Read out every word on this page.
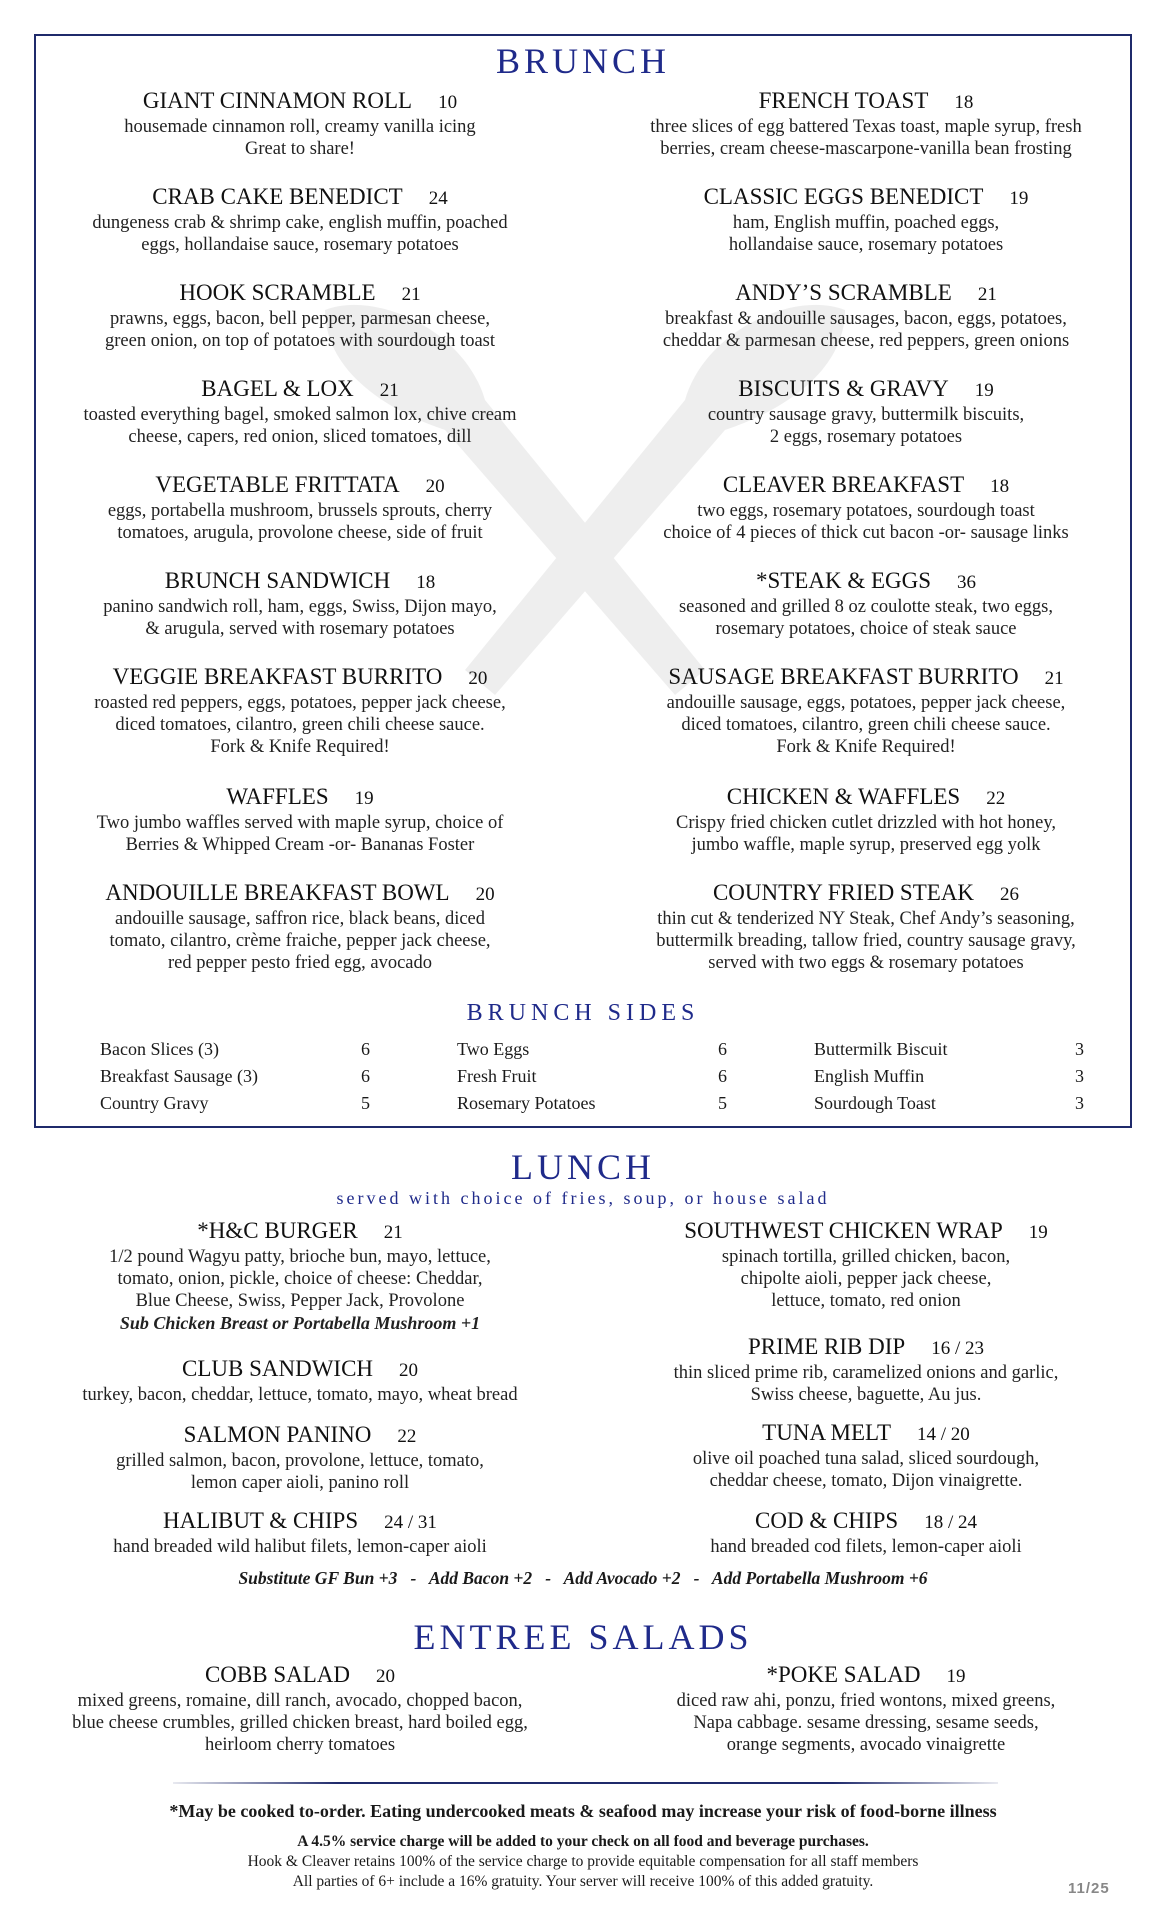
BRUNCH
GIANT CINNAMON ROLL 10
housemade cinnamon roll, creamy vanilla icing
Great to share!
CRAB CAKE BENEDICT 24
dungeness crab & shrimp cake, english muffin, poached
eggs, hollandaise sauce, rosemary potatoes
HOOK SCRAMBLE 21
prawns, eggs, bacon, bell pepper, parmesan cheese,
green onion, on top of potatoes with sourdough toast
BAGEL & LOX 21
toasted everything bagel, smoked salmon lox, chive cream
cheese, capers, red onion, sliced tomatoes, dill
VEGETABLE FRITTATA 20
eggs, portabella mushroom, brussels sprouts, cherry
tomatoes, arugula, provolone cheese, side of fruit
BRUNCH SANDWICH 18
panino sandwich roll, ham, eggs, Swiss, Dijon mayo,
& arugula, served with rosemary potatoes
VEGGIE BREAKFAST BURRITO 20
roasted red peppers, eggs, potatoes, pepper jack cheese,
diced tomatoes, cilantro, green chili cheese sauce.
Fork & Knife Required!
WAFFLES 19
Two jumbo waffles served with maple syrup, choice of
Berries & Whipped Cream -or- Bananas Foster
ANDOUILLE BREAKFAST BOWL 20
andouille sausage, saffron rice, black beans, diced
tomato, cilantro, crème fraiche, pepper jack cheese,
red pepper pesto fried egg, avocado
FRENCH TOAST 18
three slices of egg battered Texas toast, maple syrup, fresh
berries, cream cheese-mascarpone-vanilla bean frosting
CLASSIC EGGS BENEDICT 19
ham, English muffin, poached eggs,
hollandaise sauce, rosemary potatoes
ANDY’S SCRAMBLE 21
breakfast & andouille sausages, bacon, eggs, potatoes,
cheddar & parmesan cheese, red peppers, green onions
BISCUITS & GRAVY 19
country sausage gravy, buttermilk biscuits,
2 eggs, rosemary potatoes
CLEAVER BREAKFAST 18
two eggs, rosemary potatoes, sourdough toast
choice of 4 pieces of thick cut bacon -or- sausage links
*STEAK & EGGS 36
seasoned and grilled 8 oz coulotte steak, two eggs,
rosemary potatoes, choice of steak sauce
SAUSAGE BREAKFAST BURRITO 21
andouille sausage, eggs, potatoes, pepper jack cheese,
diced tomatoes, cilantro, green chili cheese sauce.
Fork & Knife Required!
CHICKEN & WAFFLES 22
Crispy fried chicken cutlet drizzled with hot honey,
jumbo waffle, maple syrup, preserved egg yolk
COUNTRY FRIED STEAK 26
thin cut & tenderized NY Steak, Chef Andy’s seasoning,
buttermilk breading, tallow fried, country sausage gravy,
served with two eggs & rosemary potatoes
BRUNCH SIDES
Bacon Slices (3)	6
Breakfast Sausage (3)	6
Country Gravy	5
Two Eggs	6
Fresh Fruit	6
Rosemary Potatoes	5
Buttermilk Biscuit	3
English Muffin	3
Sourdough Toast	3
LUNCH
served with choice of fries, soup, or house salad
*H&C BURGER 21
1/2 pound Wagyu patty, brioche bun, mayo, lettuce,
tomato, onion, pickle, choice of cheese: Cheddar,
Blue Cheese, Swiss, Pepper Jack, Provolone
Sub Chicken Breast or Portabella Mushroom +1
CLUB SANDWICH 20
turkey, bacon, cheddar, lettuce, tomato, mayo, wheat bread
SALMON PANINO 22
grilled salmon, bacon, provolone, lettuce, tomato,
lemon caper aioli, panino roll
HALIBUT & CHIPS 24 / 31
hand breaded wild halibut filets, lemon-caper aioli
SOUTHWEST CHICKEN WRAP 19
spinach tortilla, grilled chicken, bacon,
chipolte aioli, pepper jack cheese,
lettuce, tomato, red onion
PRIME RIB DIP 16 / 23
thin sliced prime rib, caramelized onions and garlic,
Swiss cheese, baguette, Au jus.
TUNA MELT 14 / 20
olive oil poached tuna salad, sliced sourdough,
cheddar cheese, tomato, Dijon vinaigrette.
COD & CHIPS 18 / 24
hand breaded cod filets, lemon-caper aioli
Substitute GF Bun +3   -   Add Bacon +2   -   Add Avocado +2   -   Add Portabella Mushroom +6
ENTREE SALADS
COBB SALAD 20
mixed greens, romaine, dill ranch, avocado, chopped bacon,
blue cheese crumbles, grilled chicken breast, hard boiled egg,
heirloom cherry tomatoes
*POKE SALAD 19
diced raw ahi, ponzu, fried wontons, mixed greens,
Napa cabbage. sesame dressing, sesame seeds,
orange segments, avocado vinaigrette
*May be cooked to-order. Eating undercooked meats & seafood may increase your risk of food-borne illness
A 4.5% service charge will be added to your check on all food and beverage purchases.
Hook & Cleaver retains 100% of the service charge to provide equitable compensation for all staff members
All parties of 6+ include a 16% gratuity. Your server will receive 100% of this added gratuity.	11/25
